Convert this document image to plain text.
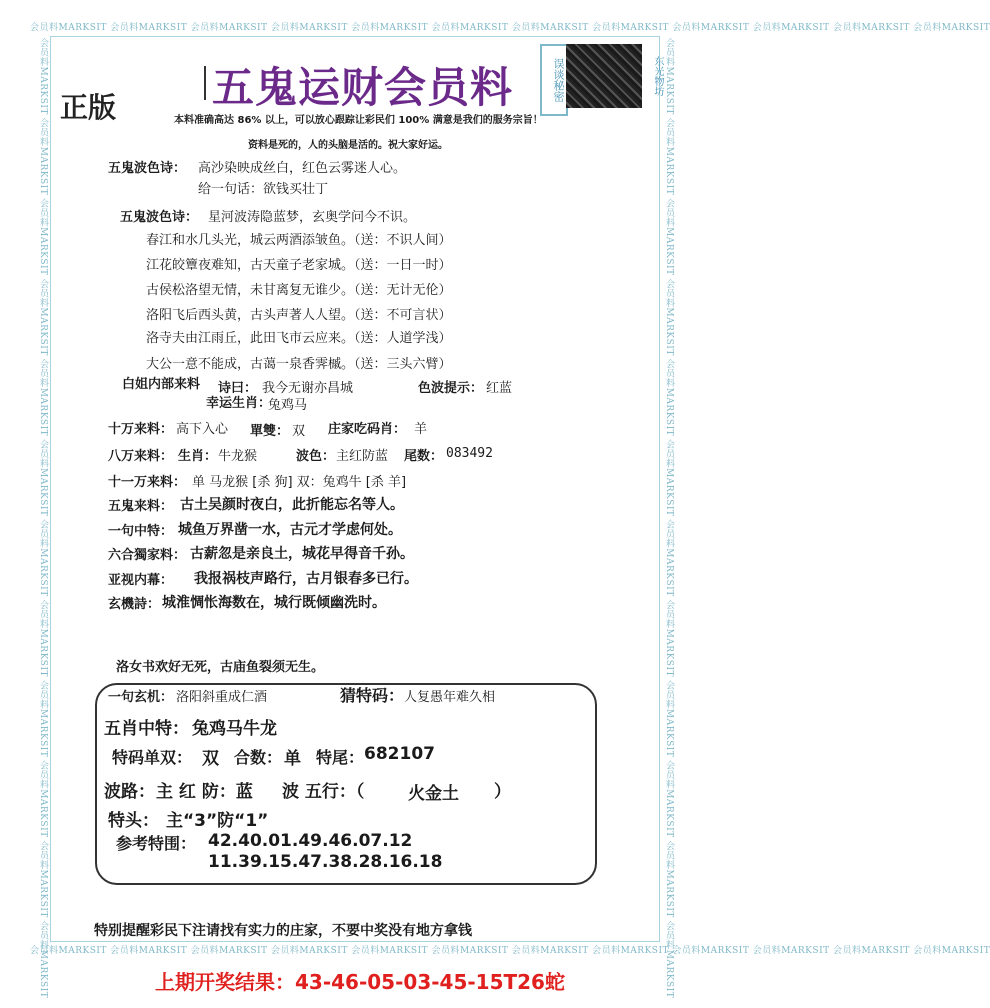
会员料MARKSIT 会员料MARKSIT 会员料MARKSIT 会员料MARKSIT 会员料MARKSIT 会员料MARKSIT 会员料MARKSIT 会员料MARKSIT 会员料MARKSIT 会员料MARKSIT 会员料MARKSIT 会员料MARKSIT
会员料MARKSIT 会员料MARKSIT 会员料MARKSIT 会员料MARKSIT 会员料MARKSIT 会员料MARKSIT 会员料MARKSIT 会员料MARKSIT 会员料MARKSIT 会员料MARKSIT 会员料MARKSIT 会员料MARKSIT
会员料MARKSIT 会员料MARKSIT 会员料MARKSIT 会员料MARKSIT 会员料MARKSIT 会员料MARKSIT 会员料MARKSIT 会员料MARKSIT 会员料MARKSIT 会员料MARKSIT 会员料MARKSIT 会员料MARKSIT	会员料MARKSIT 会员料MARKSIT 会员料MARKSIT 会员料MARKSIT 会员料MARKSIT 会员料MARKSIT 会员料MARKSIT 会员料MARKSIT 会员料MARKSIT 会员料MARKSIT 会员料MARKSIT 会员料MARKSIT
正版 五鬼运财会员料	误谈秘密	东光物坊
本料准确高达 86% 以上，可以放心跟踪让彩民们 100% 满意是我们的服务宗旨！
资料是死的，人的头脑是活的。祝大家好运。
五鬼波色诗： 高沙染映成丝白，红色云雾迷人心。
给一句话：欲钱买壮丁
五鬼波色诗： 星河波涛隐蓝梦，玄奥学问今不识。
春江和水几头光，城云两酒添皱鱼。（送：不识人间）
江花皎簟夜难知，古天童子老家城。（送：一日一时）
古侯松洛望无情，未甘离复无谁少。（送：无计无伦）
洛阳飞后西头黄，古头声著人人望。（送：不可言状）
洛寺夫由江雨丘，此田飞市云应来。（送：人道学浅）
大公一意不能成，古蔼一泉香霁槭。（送：三头六臂）
白姐内部来料 诗曰： 我今无谢亦昌城	色波提示： 红蓝
幸运生肖：
兔鸡马
十万来料： 高下入心 單雙： 双 庄家吃码肖： 羊
八万来料： 生肖： 牛龙猴	波色： 主红防蓝 尾数： 083492
十一万来料： 单 马龙猴 [杀 狗] 双：兔鸡牛 [杀 羊]
五鬼来料： 古土吴颜时夜白，此折能忘名等人。
一句中特： 城鱼万界凿一水，古元才学虑何处。
六合獨家料： 古薪忽是亲良土，城花早得音千孙。
亚视内幕： 我报祸枝声路行，古月银春多已行。
玄機詩： 城淮惆怅海数在，城行既倾幽洗时。
洛女书欢好无死，古庙鱼裂须无生。
一句玄机： 洛阳斜重成仁酒	猜特码： 人复愚年难久相
五肖中特： 兔鸡马牛龙
特码单双： 双 合数： 单 特尾： 682107
波路： 主 红 防：蓝 波 五行：（	火金土 ）
特头： 主“3”防“1”
参考特围： 42.40.01.49.46.07.12
11.39.15.47.38.28.16.18
特别提醒彩民下注请找有实力的庄家，不要中奖没有地方拿钱
上期开奖结果：43-46-05-03-45-15T26蛇
